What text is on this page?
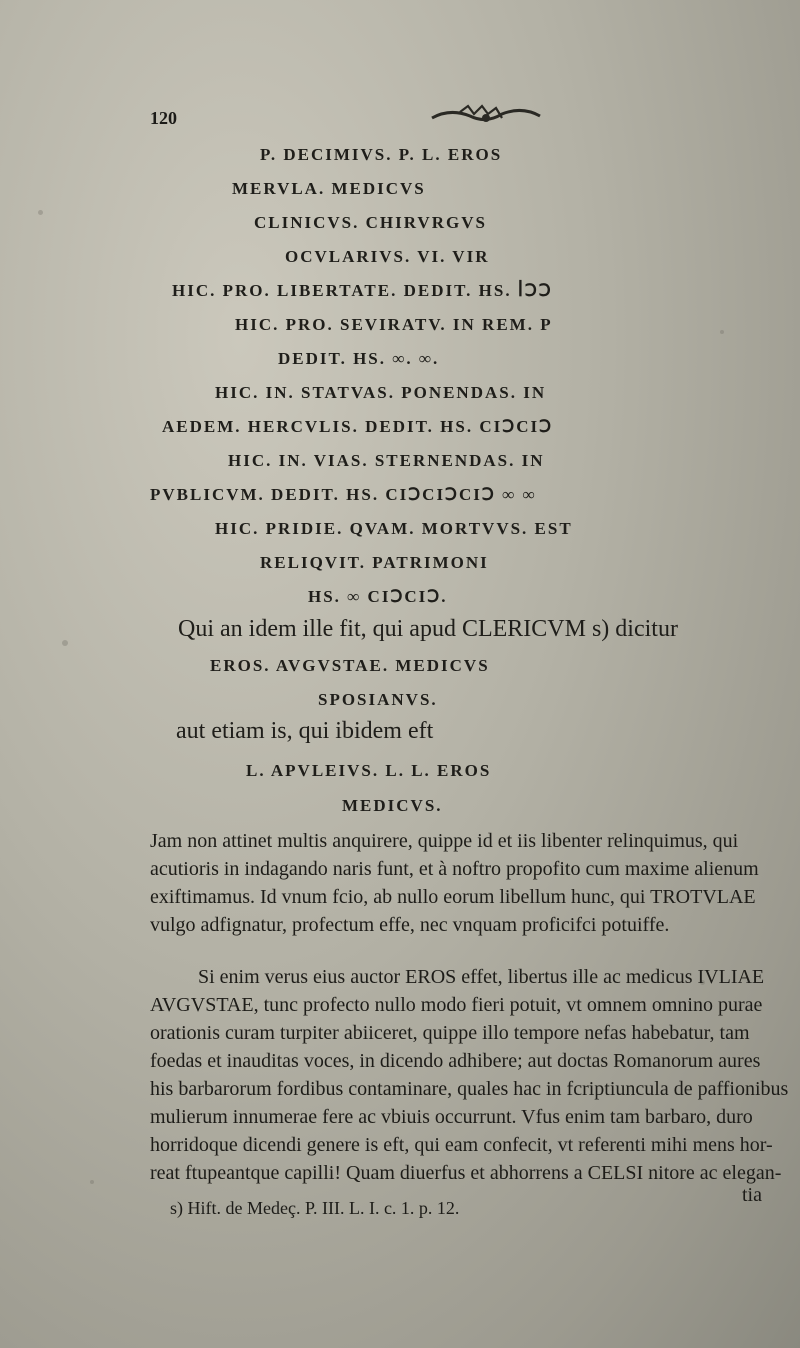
120
P. DECIMIVS. P. L. EROS
MERVLA. MEDICVS
CLINICVS. CHIRVRGVS
OCVLARIVS. VI. VIR
HIC. PRO. LIBERTATE. DEDIT. HS. ꟾↃↃ
HIC. PRO. SEVIRATV. IN REM. P
DEDIT. HS. ∞. ∞.
HIC. IN. STATVAS. PONENDAS. IN
AEDEM. HERCVLIS. DEDIT. HS. CIↃCIↃ
HIC. IN. VIAS. STERNENDAS. IN
PVBLICVM. DEDIT. HS. CIↃCIↃCIↃ ∞ ∞
HIC. PRIDIE. QVAM. MORTVVS. EST
RELIQVIT. PATRIMONI
HS. ∞ CIↃCIↃ.
Qui an idem ille fit, qui apud CLERICVM s) dicitur
EROS. AVGVSTAE. MEDICVS
SPOSIANVS.
aut etiam is, qui ibidem eft
L. APVLEIVS. L. L. EROS
MEDICVS.
Jam non attinet multis anquirere, quippe id et iis libenter relinquimus, qui
acutioris in indagando naris funt, et à noftro propofito cum maxime alienum
exiftimamus. Id vnum fcio, ab nullo eorum libellum hunc, qui TROTVLAE
vulgo adfignatur, profectum effe, nec vnquam proficifci potuiffe.
Si enim verus eius auctor EROS effet, libertus ille ac medicus IVLIAE
AVGVSTAE, tunc profecto nullo modo fieri potuit, vt omnem omnino purae
orationis curam turpiter abiiceret, quippe illo tempore nefas habebatur, tam
foedas et inauditas voces, in dicendo adhibere; aut doctas Romanorum aures
his barbarorum fordibus contaminare, quales hac in fcriptiuncula de paffionibus
mulierum innumerae fere ac vbiuis occurrunt. Vfus enim tam barbaro, duro
horridoque dicendi genere is eft, qui eam confecit, vt referenti mihi mens hor-
reat ftupeantque capilli! Quam diuerfus et abhorrens a CELSI nitore ac elegan-
tia
s) Hift. de Medeç. P. III. L. I. c. 1. p. 12.
